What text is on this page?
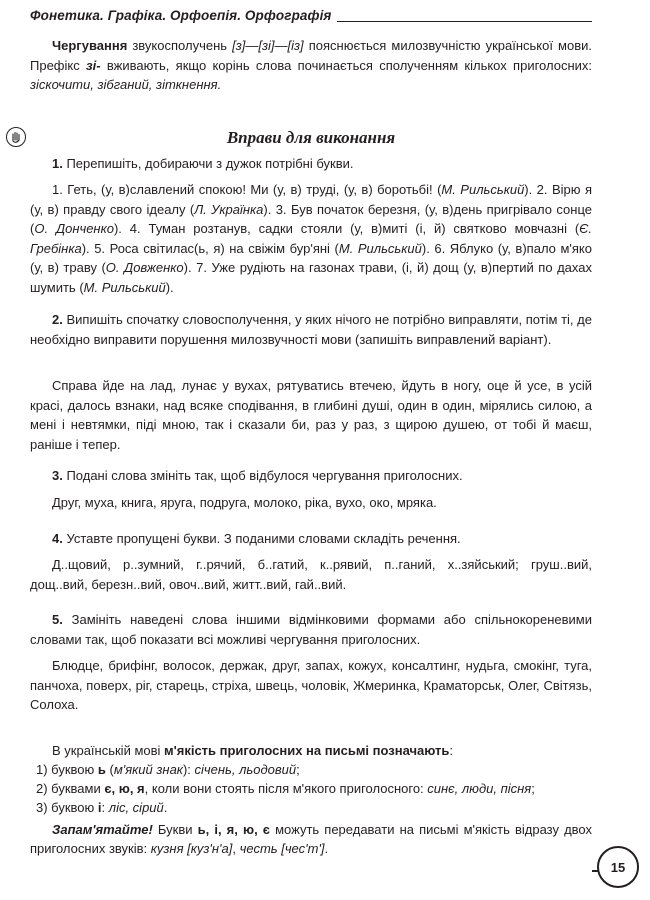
Фонетика. Графіка. Орфоепія. Орфографія
Чергування звукосполучень [з]—[зі]—[із] пояснюється милозвучністю української мови. Префікс зі- вживають, якщо корінь слова починається сполученням кількох приголосних: зіскочити, зібганий, зіткнення.
Вправи для виконання
1. Перепишіть, добираючи з дужок потрібні букви.
1. Геть, (у, в)славлений спокою! Ми (у, в) труді, (у, в) боротьбі! (М. Рильський). 2. Вірю я (у, в) правду свого ідеалу (Л. Українка). 3. Був початок березня, (у, в)день пригрівало сонце (О. Донченко). 4. Туман розтанув, садки стояли (у, в)миті (і, й) святково мовчазні (Є. Гребінка). 5. Роса світилас(ь, я) на свіжім бур'яні (М. Рильський). 6. Яблуко (у, в)пало м'яко (у, в) траву (О. Довженко). 7. Уже рудіють на газонах трави, (і, й) дощ (у, в)пертий по дахах шумить (М. Рильський).
2. Випишіть спочатку словосполучення, у яких нічого не потрібно виправляти, потім ті, де необхідно виправити порушення милозвучності мови (запишіть виправлений варіант).
Справа йде на лад, лунає у вухах, рятуватись втечею, йдуть в ногу, оце й усе, в усій красі, далось взнаки, над всяке сподівання, в глибині душі, один в один, мірялись силою, а мені і невтямки, піді мною, так і сказали би, раз у раз, з щирою душею, от тобі й маєш, раніше і тепер.
3. Подані слова змініть так, щоб відбулося чергування приголосних.
Друг, муха, книга, яруга, подруга, молоко, ріка, вухо, око, мряка.
4. Уставте пропущені букви. З поданими словами складіть речення.
Д..щовий, р..зумний, г..рячий, б..гатий, к..рявий, п..ганий, х..зяйський; груш..вий, дощ..вий, березн..вий, овоч..вий, житт..вий, гай..вий.
5. Замініть наведені слова іншими відмінковими формами або спільнокореневими словами так, щоб показати всі можливі чергування приголосних.
Блюдце, брифінг, волосок, держак, друг, запах, кожух, консалтинг, нудьга, смокінг, туга, панчоха, поверх, ріг, старець, стріха, швець, чоловік, Жмеринка, Краматорськ, Олег, Світязь, Солоха.
В українській мові м'якість приголосних на письмі позначають:
1) буквою ь (м'який знак): січень, льодовий;
2) буквами є, ю, я, коли вони стоять після м'якого приголосного: синє, люди, пісня;
3) буквою і: ліс, сірий.
Запам'ятайте! Букви ь, і, я, ю, є можуть передавати на письмі м'якість відразу двох приголосних звуків: кузня [куз'н'а], честь [чес'т'].
15
